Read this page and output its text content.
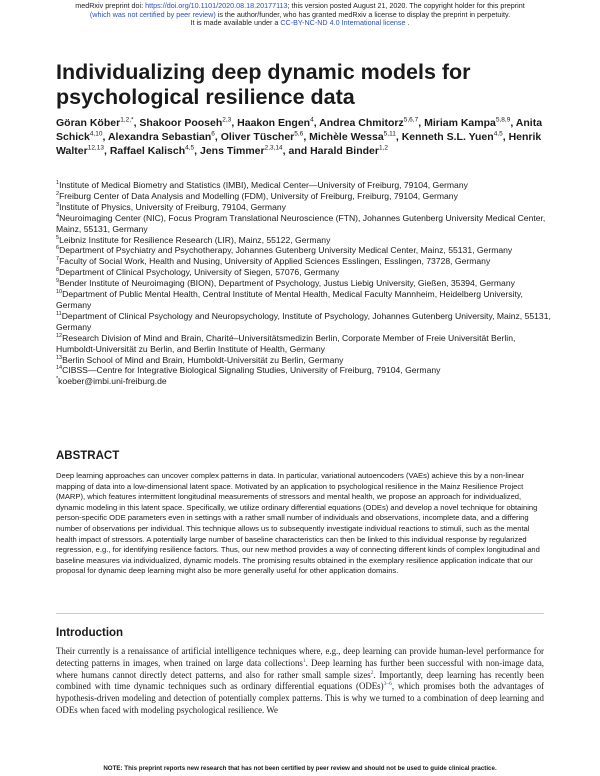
medRxiv preprint doi: https://doi.org/10.1101/2020.08.18.20177113; this version posted August 21, 2020. The copyright holder for this preprint
(which was not certified by peer review) is the author/funder, who has granted medRxiv a license to display the preprint in perpetuity.
It is made available under a CC-BY-NC-ND 4.0 International license .
Individualizing deep dynamic models for psychological resilience data
Göran Köber$^{1,2,*}$, Shakoor Pooseh$^{2,3}$, Haakon Engen$^4$, Andrea Chmitorz$^{5,6,7}$, Miriam Kampa$^{5,8,9}$, Anita Schick$^{4,10}$, Alexandra Sebastian$^6$, Oliver Tüscher$^{5,6}$, Michèle Wessa$^{5,11}$, Kenneth S.L. Yuen$^{4,5}$, Henrik Walter$^{12,13}$, Raffael Kalisch$^{4,5}$, Jens Timmer$^{2,3,14}$, and Harald Binder$^{1,2}$
$^1$Institute of Medical Biometry and Statistics (IMBI), Medical Center—University of Freiburg, 79104, Germany
$^2$Freiburg Center of Data Analysis and Modelling (FDM), University of Freiburg, Freiburg, 79104, Germany
$^3$Institute of Physics, University of Freiburg, 79104, Germany
$^4$Neuroimaging Center (NIC), Focus Program Translational Neuroscience (FTN), Johannes Gutenberg University Medical Center, Mainz, 55131, Germany
$^5$Leibniz Institute for Resilience Research (LIR), Mainz, 55122, Germany
$^6$Department of Psychiatry and Psychotherapy, Johannes Gutenberg University Medical Center, Mainz, 55131, Germany
$^7$Faculty of Social Work, Health and Nusing, University of Applied Sciences Esslingen, Esslingen, 73728, Germany
$^8$Department of Clinical Psychology, University of Siegen, 57076, Germany
$^9$Bender Institute of Neuroimaging (BION), Department of Psychology, Justus Liebig University, Gießen, 35394, Germany
$^{10}$Department of Public Mental Health, Central Institute of Mental Health, Medical Faculty Mannheim, Heidelberg University, Germany
$^{11}$Department of Clinical Psychology and Neuropsychology, Institute of Psychology, Johannes Gutenberg University, Mainz, 55131, Germany
$^{12}$Research Division of Mind and Brain, Charité–Universitätsmedizin Berlin, Corporate Member of Freie Universität Berlin, Humboldt-Universität zu Berlin, and Berlin Institute of Health, Germany
$^{13}$Berlin School of Mind and Brain, Humboldt-Universität zu Berlin, Germany
$^{14}$CIBSS—Centre for Integrative Biological Signaling Studies, University of Freiburg, 79104, Germany
*koeber@imbi.uni-freiburg.de
ABSTRACT

Deep learning approaches can uncover complex patterns in data. In particular, variational autoencoders (VAEs) achieve this by a non-linear mapping of data into a low-dimensional latent space. Motivated by an application to psychological resilience in the Mainz Resilience Project (MARP), which features intermittent longitudinal measurements of stressors and mental health, we propose an approach for individualized, dynamic modeling in this latent space. Specifically, we utilize ordinary differential equations (ODEs) and develop a novel technique for obtaining person-specific ODE parameters even in settings with a rather small number of individuals and observations, incomplete data, and a differing number of observations per individual. This technique allows us to subsequently investigate individual reactions to stimuli, such as the mental health impact of stressors. A potentially large number of baseline characteristics can then be linked to this individual response by regularized regression, e.g., for identifying resilience factors. Thus, our new method provides a way of connecting different kinds of complex longitudinal and baseline measures via individualized, dynamic models. The promising results obtained in the exemplary resilience application indicate that our proposal for dynamic deep learning might also be more generally useful for other application domains.

Introduction

Their currently is a renaissance of artificial intelligence techniques where, e.g., deep learning can provide human-level performance for detecting patterns in images, when trained on large data collections$^1$. Deep learning has further been successful with non-image data, where humans cannot directly detect patterns, and also for rather small sample sizes$^2$. Importantly, deep learning has recently been combined with time dynamic techniques such as ordinary differential equations (ODEs)$^{3-6}$, which promises both the advantages of hypothesis-driven modeling and detection of potentially complex patterns. This is why we turned to a combination of deep learning and ODEs when faced with modeling psychological resilience. We

NOTE: This preprint reports new research that has not been certified by peer review and should not be used to guide clinical practice.
